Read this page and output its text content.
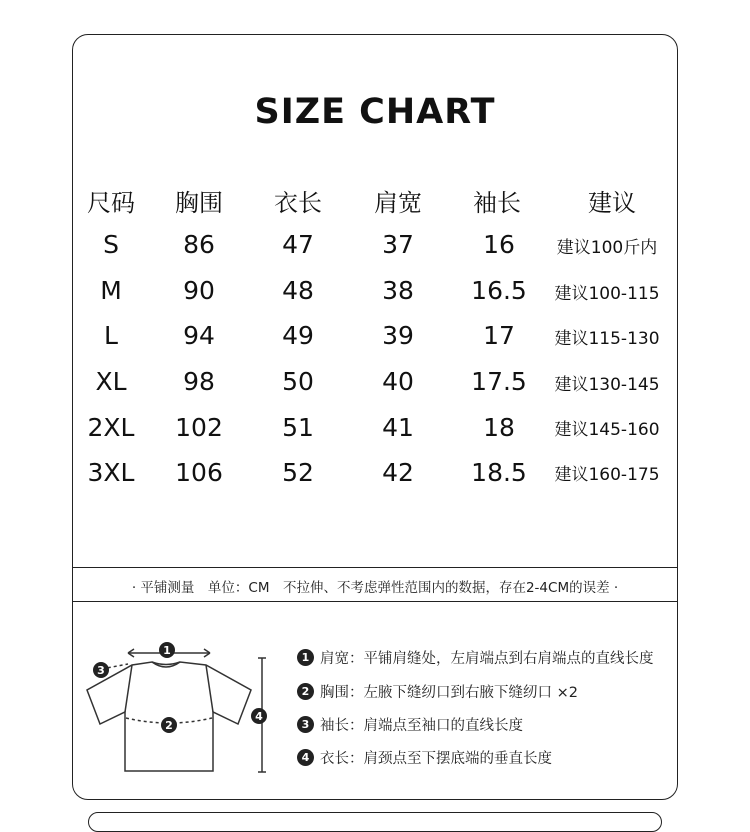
SIZE CHART
尺码 胸围 衣长 肩宽 袖长	建议
S	86	47	37	16 建议100斤内
M 90	48	38 16.5 建议100-115
L	94	49	39	17 建议115-130
XL 98	50	40 17.5 建议130-145
2XL 102 51	41	18 建议145-160
3XL 106 52	42 18.5 建议160-175
· 平铺测量　单位：CM　不拉伸、不考虑弹性范围内的数据，存在2-4CM的误差 ·
1
2
3
4
1 肩宽：平铺肩缝处，左肩端点到右肩端点的直线长度
2 胸围：左腋下缝纫口到右腋下缝纫口 ×2
3 袖长：肩端点至袖口的直线长度
4 衣长：肩颈点至下摆底端的垂直长度
